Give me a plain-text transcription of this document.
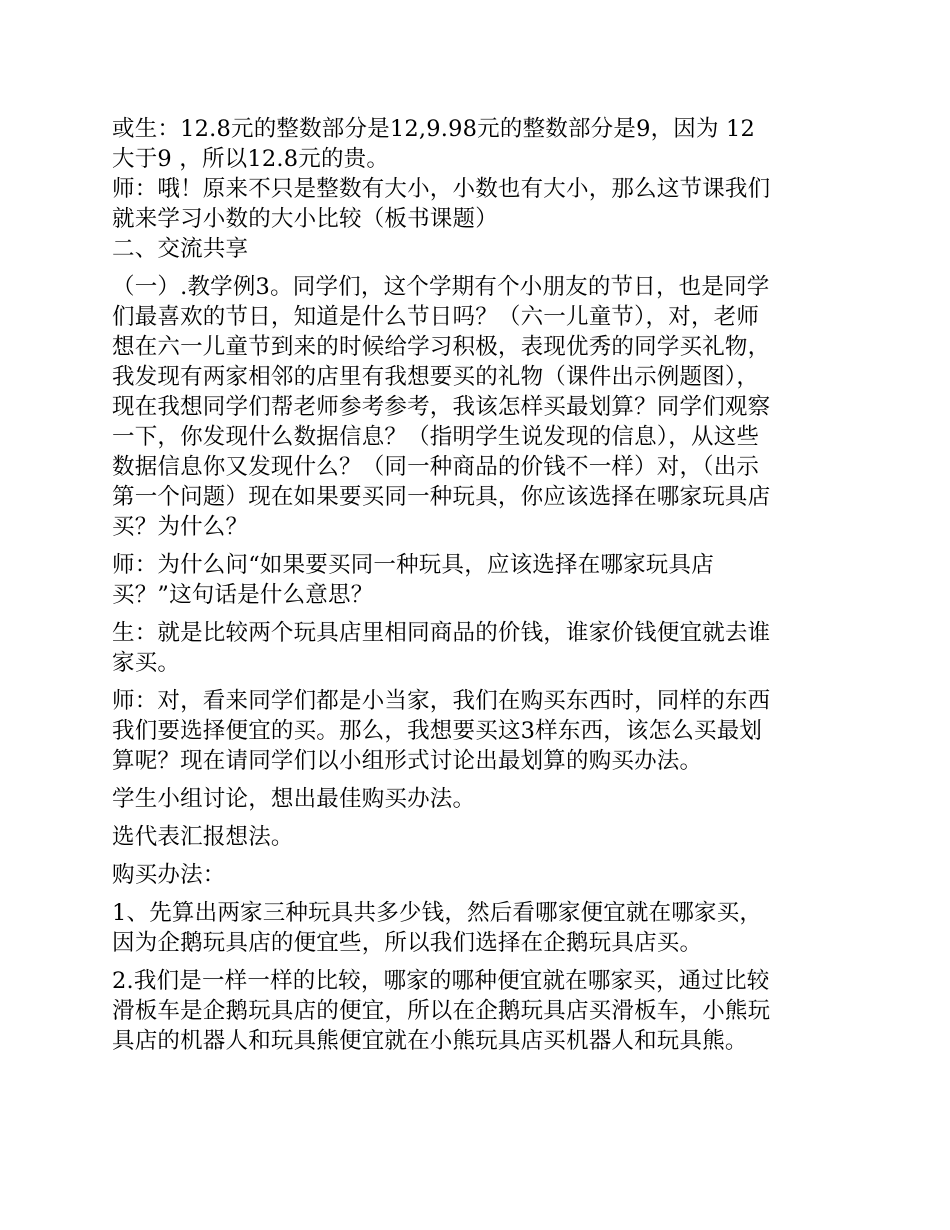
或生：12.8元的整数部分是12,9.98元的整数部分是9，因为 12
大于9 ，所以12.8元的贵。

师：哦！原来不只是整数有大小，小数也有大小，那么这节课我们
就来学习小数的大小比较（板书课题）

二、交流共享

（一）.教学例3。同学们，这个学期有个小朋友的节日，也是同学
们最喜欢的节日，知道是什么节日吗？（六一儿童节），对，老师
想在六一儿童节到来的时候给学习积极，表现优秀的同学买礼物，
我发现有两家相邻的店里有我想要买的礼物（课件出示例题图），
现在我想同学们帮老师参考参考，我该怎样买最划算？同学们观察
一下，你发现什么数据信息？（指明学生说发现的信息），从这些
数据信息你又发现什么？（同一种商品的价钱不一样）对，（出示
第一个问题）现在如果要买同一种玩具，你应该选择在哪家玩具店
买？为什么？

师：为什么问“如果要买同一种玩具，应该选择在哪家玩具店
买？”这句话是什么意思？

生：就是比较两个玩具店里相同商品的价钱，谁家价钱便宜就去谁
家买。

师：对，看来同学们都是小当家，我们在购买东西时，同样的东西
我们要选择便宜的买。那么，我想要买这3样东西，该怎么买最划
算呢？现在请同学们以小组形式讨论出最划算的购买办法。

学生小组讨论，想出最佳购买办法。

选代表汇报想法。

购买办法：

1、先算出两家三种玩具共多少钱，然后看哪家便宜就在哪家买，
因为企鹅玩具店的便宜些，所以我们选择在企鹅玩具店买。

2.我们是一样一样的比较，哪家的哪种便宜就在哪家买，通过比较
滑板车是企鹅玩具店的便宜，所以在企鹅玩具店买滑板车，小熊玩
具店的机器人和玩具熊便宜就在小熊玩具店买机器人和玩具熊。
